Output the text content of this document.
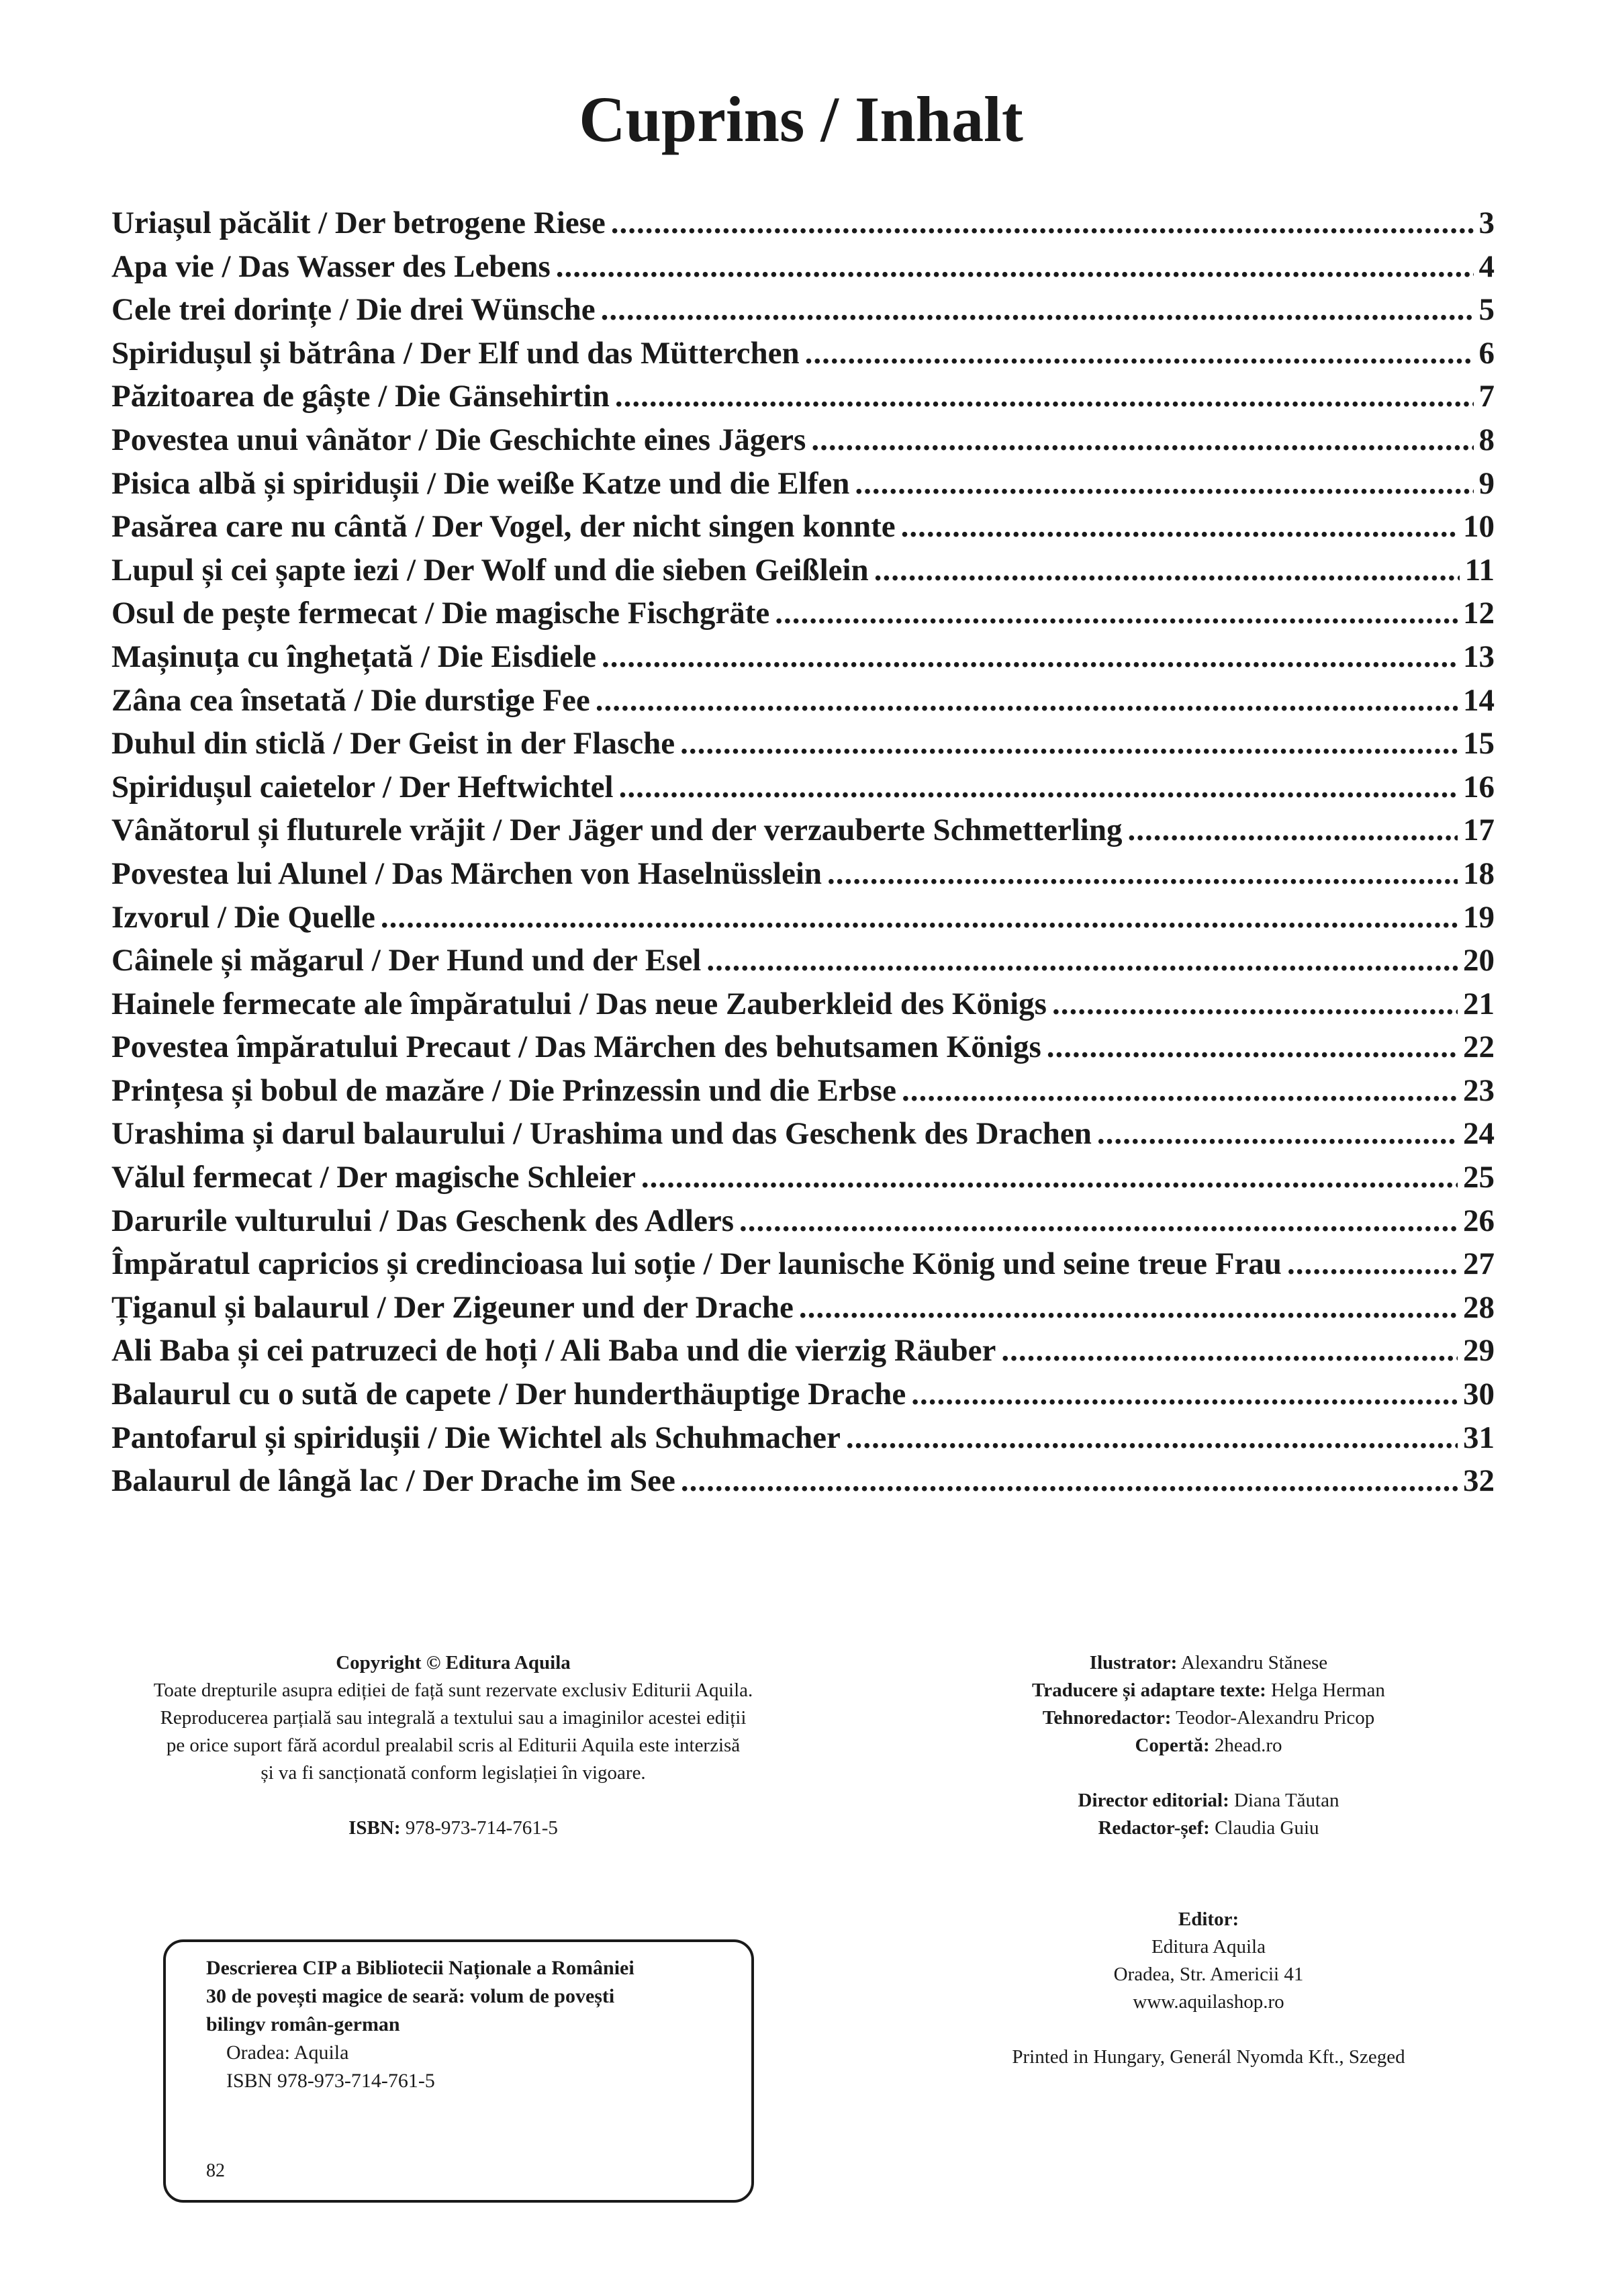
Cuprins / Inhalt
Uriașul păcălit / Der betrogene Riese .....	3
Apa vie / Das Wasser des Lebens .....	4
Cele trei dorințe / Die drei Wünsche .....	5
Spiridușul și bătrâna / Der Elf und das Mütterchen .....	6
Păzitoarea de gâște / Die Gänsehirtin .....	7
Povestea unui vânător / Die Geschichte eines Jägers .....	8
Pisica albă și spiridușii / Die weiße Katze und die Elfen .....	9
Pasărea care nu cântă / Der Vogel, der nicht singen konnte .....	10
Lupul și cei șapte iezi / Der Wolf und die sieben Geißlein .....	11
Osul de pește fermecat / Die magische Fischgräte .....	12
Mașinuța cu înghețată / Die Eisdiele .....	13
Zâna cea însetată / Die durstige Fee .....	14
Duhul din sticlă / Der Geist in der Flasche .....	15
Spiridușul caietelor / Der Heftwichtel .....	16
Vânătorul și fluturele vrăjit / Der Jäger und der verzauberte Schmetterling .....	17
Povestea lui Alunel / Das Märchen von Haselnüsslein .....	18
Izvorul / Die Quelle .....	19
Câinele și măgarul / Der Hund und der Esel .....	20
Hainele fermecate ale împăratului / Das neue Zauberkleid des Königs .....	21
Povestea împăratului Precaut / Das Märchen des behutsamen Königs .....	22
Prințesa și bobul de mazăre / Die Prinzessin und die Erbse .....	23
Urashima și darul balaurului / Urashima und das Geschenk des Drachen .....	24
Vălul fermecat / Der magische Schleier .....	25
Darurile vulturului / Das Geschenk des Adlers .....	26
Împăratul capricios și credincioasa lui soție / Der launische König und seine treue Frau .....	27
Țiganul și balaurul / Der Zigeuner und der Drache .....	28
Ali Baba și cei patruzeci de hoți / Ali Baba und die vierzig Räuber .....	29
Balaurul cu o sută de capete / Der hunderthäuptige Drache .....	30
Pantofarul și spiridușii / Die Wichtel als Schuhmacher .....	31
Balaurul de lângă lac / Der Drache im See .....	32
Copyright © Editura Aquila
Toate drepturile asupra ediției de față sunt rezervate exclusiv Editurii Aquila.
Reproducerea parțială sau integrală a textului sau a imaginilor acestei ediții
pe orice suport fără acordul prealabil scris al Editurii Aquila este interzisă
și va fi sancționată conform legislației în vigoare.
ISBN: 978-973-714-761-5
Ilustrator: Alexandru Stănese
Traducere și adaptare texte: Helga Herman
Tehnoredactor: Teodor-Alexandru Pricop
Copertă: 2head.ro
Director editorial: Diana Tăutan
Redactor-șef: Claudia Guiu
Editor:
Editura Aquila
Oradea, Str. Americii 41
www.aquilashop.ro
Printed in Hungary, Generál Nyomda Kft., Szeged
Descrierea CIP a Bibliotecii Naționale a României
30 de povești magice de seară: volum de povești
bilingv român-german
Oradea: Aquila
ISBN 978-973-714-761-5
82
